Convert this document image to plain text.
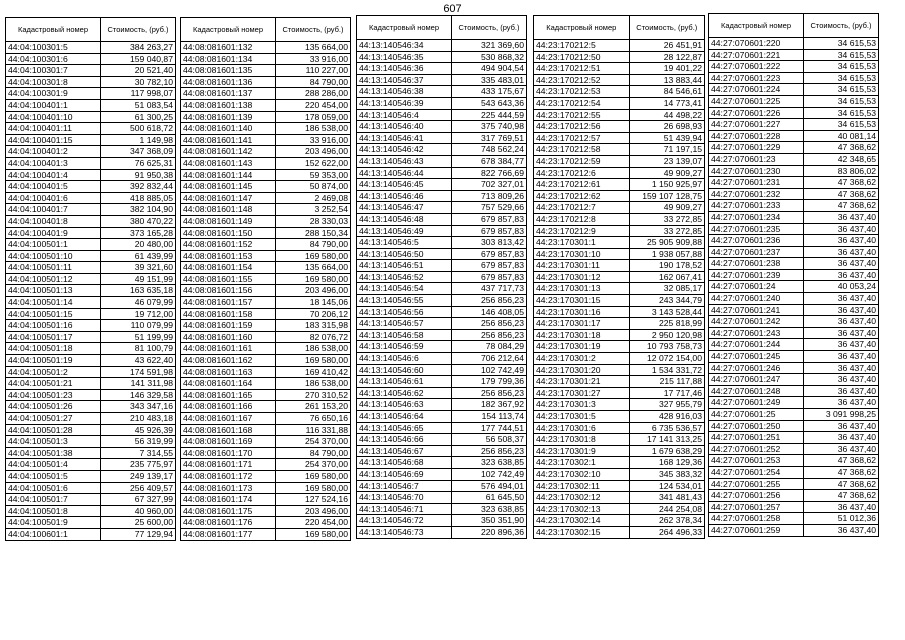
607
Кадастровый номер	Стоимость, (руб.)
44:04:100301:5	384 263,27
44:04:100301:6	159 040,87
44:04:100301:7	20 521,40
44:04:100301:8	30 782,10
44:04:100301:9	117 998,07
44:04:100401:1	51 083,54
44:04:100401:10	61 300,25
44:04:100401:11	500 618,72
44:04:100401:15	1 149,98
44:04:100401:2	347 368,09
44:04:100401:3	76 625,31
44:04:100401:4	91 950,38
44:04:100401:5	392 832,44
44:04:100401:6	418 885,05
44:04:100401:7	382 104,90
44:04:100401:8	380 470,22
44:04:100401:9	373 165,28
44:04:100501:1	20 480,00
44:04:100501:10	61 439,99
44:04:100501:11	39 321,60
44:04:100501:12	49 151,99
44:04:100501:13	163 635,18
44:04:100501:14	46 079,99
44:04:100501:15	19 712,00
44:04:100501:16	110 079,99
44:04:100501:17	51 199,99
44:04:100501:18	81 100,79
44:04:100501:19	43 622,40
44:04:100501:2	174 591,98
44:04:100501:21	141 311,98
44:04:100501:23	146 329,58
44:04:100501:26	343 347,16
44:04:100501:27	210 483,18
44:04:100501:28	45 926,39
44:04:100501:3	56 319,99
44:04:100501:38	7 314,55
44:04:100501:4	235 775,97
44:04:100501:5	249 139,17
44:04:100501:6	256 409,57
44:04:100501:7	67 327,99
44:04:100501:8	40 960,00
44:04:100501:9	25 600,00
44:04:100601:1	77 129,94
Кадастровый номер	Стоимость, (руб.)
44:08:081601:132	135 664,00
44:08:081601:134	33 916,00
44:08:081601:135	110 227,00
44:08:081601:136	84 790,00
44:08:081601:137	288 286,00
44:08:081601:138	220 454,00
44:08:081601:139	178 059,00
44:08:081601:140	186 538,00
44:08:081601:141	33 916,00
44:08:081601:142	203 496,00
44:08:081601:143	152 622,00
44:08:081601:144	59 353,00
44:08:081601:145	50 874,00
44:08:081601:147	2 469,08
44:08:081601:148	3 252,54
44:08:081601:149	28 330,03
44:08:081601:150	288 150,34
44:08:081601:152	84 790,00
44:08:081601:153	169 580,00
44:08:081601:154	135 664,00
44:08:081601:155	169 580,00
44:08:081601:156	203 496,00
44:08:081601:157	18 145,06
44:08:081601:158	70 206,12
44:08:081601:159	183 315,98
44:08:081601:160	82 076,72
44:08:081601:161	186 538,00
44:08:081601:162	169 580,00
44:08:081601:163	169 410,42
44:08:081601:164	186 538,00
44:08:081601:165	270 310,52
44:08:081601:166	261 153,20
44:08:081601:167	76 650,16
44:08:081601:168	116 331,88
44:08:081601:169	254 370,00
44:08:081601:170	84 790,00
44:08:081601:171	254 370,00
44:08:081601:172	169 580,00
44:08:081601:173	169 580,00
44:08:081601:174	127 524,16
44:08:081601:175	203 496,00
44:08:081601:176	220 454,00
44:08:081601:177	169 580,00
Кадастровый номер	Стоимость, (руб.)
44:13:140546:34	321 369,60
44:13:140546:35	530 868,32
44:13:140546:36	494 904,54
44:13:140546:37	335 483,01
44:13:140546:38	433 175,67
44:13:140546:39	543 643,36
44:13:140546:4	225 444,59
44:13:140546:40	375 740,98
44:13:140546:41	317 769,51
44:13:140546:42	748 562,24
44:13:140546:43	678 384,77
44:13:140546:44	822 766,69
44:13:140546:45	702 327,01
44:13:140546:46	713 809,26
44:13:140546:47	757 529,66
44:13:140546:48	679 857,83
44:13:140546:49	679 857,83
44:13:140546:5	303 813,42
44:13:140546:50	679 857,83
44:13:140546:51	679 857,83
44:13:140546:52	679 857,83
44:13:140546:54	437 717,73
44:13:140546:55	256 856,23
44:13:140546:56	146 408,05
44:13:140546:57	256 856,23
44:13:140546:58	256 856,23
44:13:140546:59	78 084,29
44:13:140546:6	706 212,64
44:13:140546:60	102 742,49
44:13:140546:61	179 799,36
44:13:140546:62	256 856,23
44:13:140546:63	182 367,92
44:13:140546:64	154 113,74
44:13:140546:65	177 744,51
44:13:140546:66	56 508,37
44:13:140546:67	256 856,23
44:13:140546:68	323 638,85
44:13:140546:69	102 742,49
44:13:140546:7	576 494,01
44:13:140546:70	61 645,50
44:13:140546:71	323 638,85
44:13:140546:72	350 351,90
44:13:140546:73	220 896,36
Кадастровый номер	Стоимость, (руб.)
44:23:170212:5	26 451,91
44:23:170212:50	28 122,87
44:23:170212:51	19 401,22
44:23:170212:52	13 883,44
44:23:170212:53	84 546,61
44:23:170212:54	14 773,41
44:23:170212:55	44 498,22
44:23:170212:56	26 698,93
44:23:170212:57	51 439,94
44:23:170212:58	71 197,15
44:23:170212:59	23 139,07
44:23:170212:6	49 909,27
44:23:170212:61	1 150 925,97
44:23:170212:62	159 107 128,75
44:23:170212:7	49 909,27
44:23:170212:8	33 272,85
44:23:170212:9	33 272,85
44:23:170301:1	25 905 909,88
44:23:170301:10	1 938 057,88
44:23:170301:11	190 178,52
44:23:170301:12	162 067,41
44:23:170301:13	32 085,17
44:23:170301:15	243 344,79
44:23:170301:16	3 143 528,44
44:23:170301:17	225 818,99
44:23:170301:18	2 950 120,98
44:23:170301:19	10 793 758,73
44:23:170301:2	12 072 154,00
44:23:170301:20	1 534 331,72
44:23:170301:21	215 117,88
44:23:170301:27	17 717,46
44:23:170301:3	327 955,79
44:23:170301:5	428 916,03
44:23:170301:6	6 735 536,57
44:23:170301:8	17 141 313,25
44:23:170301:9	1 679 638,29
44:23:170302:1	168 129,36
44:23:170302:10	345 383,32
44:23:170302:11	124 534,01
44:23:170302:12	341 481,43
44:23:170302:13	244 254,08
44:23:170302:14	262 378,34
44:23:170302:15	264 496,33
Кадастровый номер	Стоимость, (руб.)
44:27:070601:220	34 615,53
44:27:070601:221	34 615,53
44:27:070601:222	34 615,53
44:27:070601:223	34 615,53
44:27:070601:224	34 615,53
44:27:070601:225	34 615,53
44:27:070601:226	34 615,53
44:27:070601:227	34 615,53
44:27:070601:228	40 081,14
44:27:070601:229	47 368,62
44:27:070601:23	42 348,65
44:27:070601:230	83 806,02
44:27:070601:231	47 368,62
44:27:070601:232	47 368,62
44:27:070601:233	47 368,62
44:27:070601:234	36 437,40
44:27:070601:235	36 437,40
44:27:070601:236	36 437,40
44:27:070601:237	36 437,40
44:27:070601:238	36 437,40
44:27:070601:239	36 437,40
44:27:070601:24	40 053,24
44:27:070601:240	36 437,40
44:27:070601:241	36 437,40
44:27:070601:242	36 437,40
44:27:070601:243	36 437,40
44:27:070601:244	36 437,40
44:27:070601:245	36 437,40
44:27:070601:246	36 437,40
44:27:070601:247	36 437,40
44:27:070601:248	36 437,40
44:27:070601:249	36 437,40
44:27:070601:25	3 091 998,25
44:27:070601:250	36 437,40
44:27:070601:251	36 437,40
44:27:070601:252	36 437,40
44:27:070601:253	47 368,62
44:27:070601:254	47 368,62
44:27:070601:255	47 368,62
44:27:070601:256	47 368,62
44:27:070601:257	36 437,40
44:27:070601:258	51 012,36
44:27:070601:259	36 437,40
